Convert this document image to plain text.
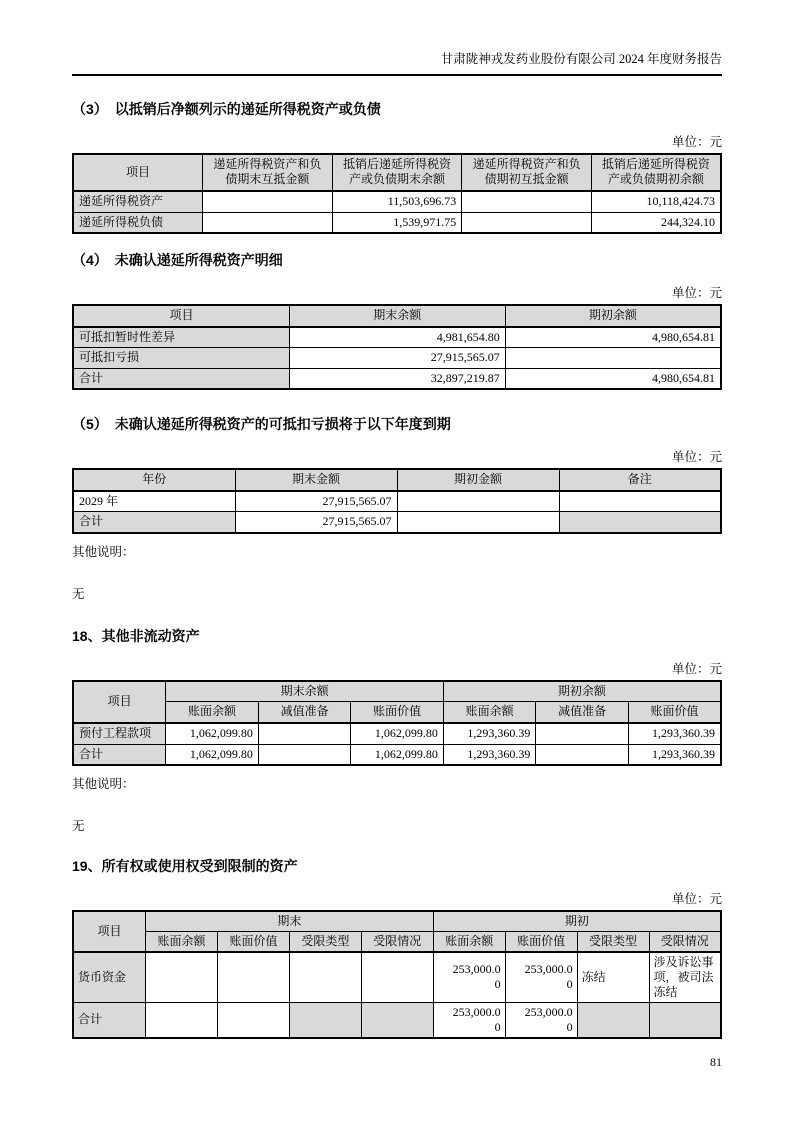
甘肃陇神戎发药业股份有限公司 2024 年度财务报告
（3）　以抵销后净额列示的递延所得税资产或负债
单位：元
项目	递延所得税资产和负债期末互抵金额	抵销后递延所得税资产或负债期末余额	递延所得税资产和负债期初互抵金额	抵销后递延所得税资产或负债期初余额
递延所得税资产		11,503,696.73		10,118,424.73
递延所得税负债		1,539,971.75		244,324.10
（4）　未确认递延所得税资产明细
单位：元
项目	期末余额	期初余额
可抵扣暂时性差异	4,981,654.80	4,980,654.81
可抵扣亏损	27,915,565.07	
合计	32,897,219.87	4,980,654.81
（5）　未确认递延所得税资产的可抵扣亏损将于以下年度到期
单位：元
年份	期末金额	期初金额	备注
2029 年	27,915,565.07		
合计	27,915,565.07		
其他说明：
无
18、其他非流动资产
单位：元
项目	期末余额			期初余额		
	账面余额	减值准备	账面价值	账面余额	减值准备	账面价值
预付工程款项	1,062,099.80		1,062,099.80	1,293,360.39		1,293,360.39
合计	1,062,099.80		1,062,099.80	1,293,360.39		1,293,360.39
其他说明：
无
19、所有权或使用权受到限制的资产
单位：元
项目	期末				期初			
	账面余额	账面价值	受限类型	受限情况	账面余额	账面价值	受限类型	受限情况
货币资金					253,000.00	253,000.00	冻结	涉及诉讼事项，被司法冻结
合计					253,000.00	253,000.00		
81
